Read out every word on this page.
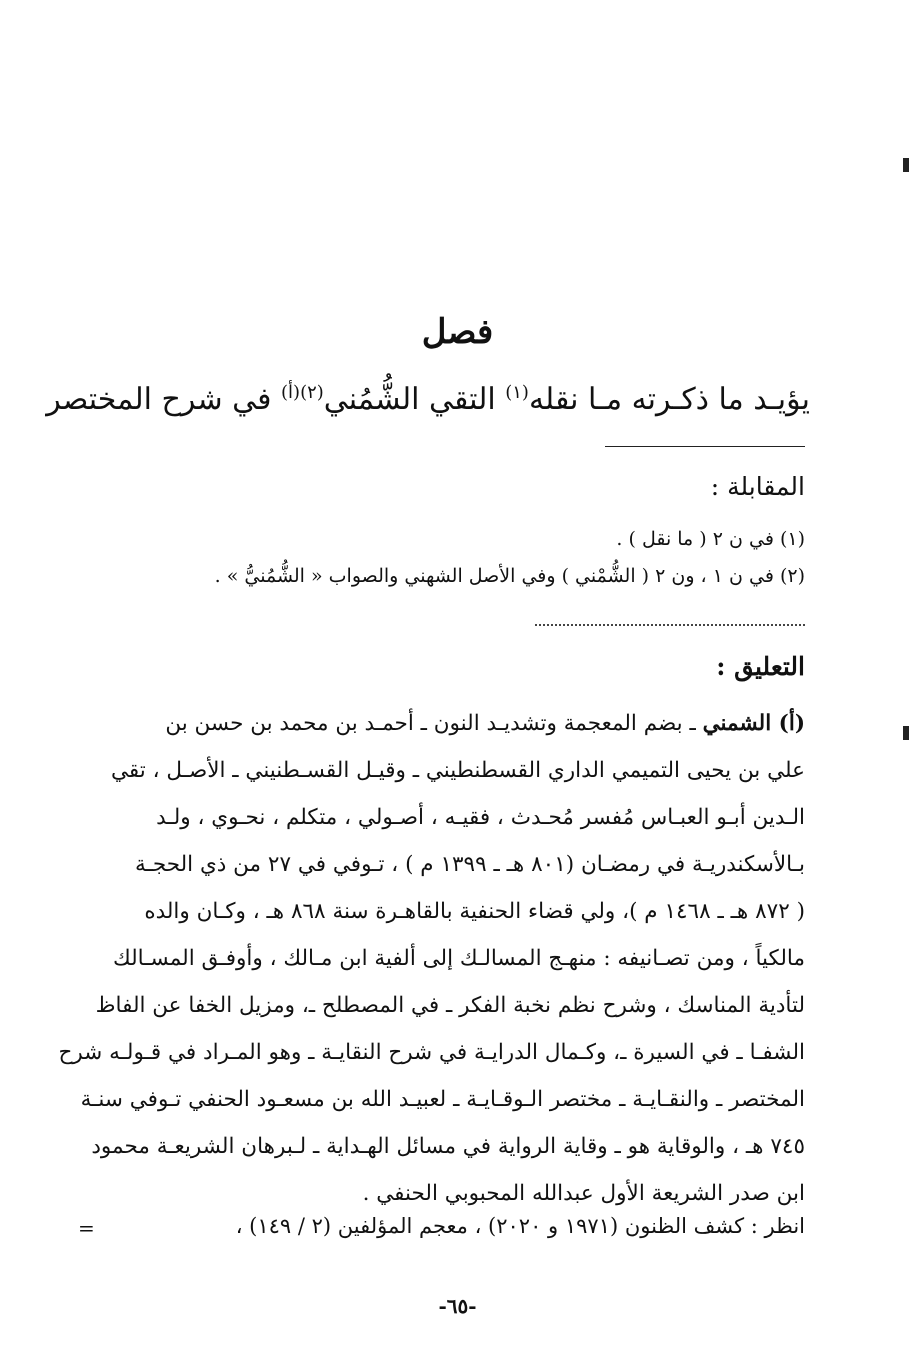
فصل
يؤيـد ما ذكـرته مـا نقله$^{(١)}$ التقي الشُّمُني$^{(٢)(أ)}$ في شرح المختصر
المقابلة :
(١) في ن ٢ ( ما نقل ) .
(٢) في ن ١ ، ون ٢ ( الشُّمْني ) وفي الأصل الشهني والصواب « الشُّمُنيُّ » .
التعليق :
(أ) الشمني ـ بضم المعجمة وتشديـد النون ـ أحمـد بن محمد بن حسن بن
علي بن يحيى التميمي الداري القسطنطيني ـ وقيـل القسـطنيني ـ الأصـل ، تقي
الـدين أبـو العبـاس مُفسر مُحـدث ، فقيـه ، أصـولي ، متكلم ، نحـوي ، ولـد
بـالأسكندريـة في رمضـان (٨٠١ هـ ـ ١٣٩٩ م ) ، تـوفي في ٢٧ من ذي الحجـة
( ٨٧٢ هـ ـ ١٤٦٨ م )، ولي قضاء الحنفية بالقاهـرة سنة ٨٦٨ هـ ، وكـان والده
مالكياً ، ومن تصـانيفه : منهـج المسالـك إلى ألفية ابن مـالك ، وأوفـق المسـالك
لتأدية المناسك ، وشرح نظم نخبة الفكر ـ في المصطلح ـ، ومزيل الخفا عن الفاظ
الشفـا ـ في السيرة ـ، وكـمال الدرايـة في شرح النقايـة ـ وهو المـراد في قـولـه شرح
المختصر ـ والنقـايـة ـ مختصر الـوقـايـة ـ لعبيـد الله بن مسعـود الحنفي تـوفي سنـة
٧٤٥ هـ ، والوقاية هو ـ وقاية الرواية في مسائل الهـداية ـ لـبرهان الشريعـة محمود
ابن صدر الشريعة الأول عبدالله المحبوبي الحنفي .
انظر : كشف الظنون (١٩٧١ و ٢٠٢٠) ، معجم المؤلفين (٢ / ١٤٩) ،
=
-٦٥-
